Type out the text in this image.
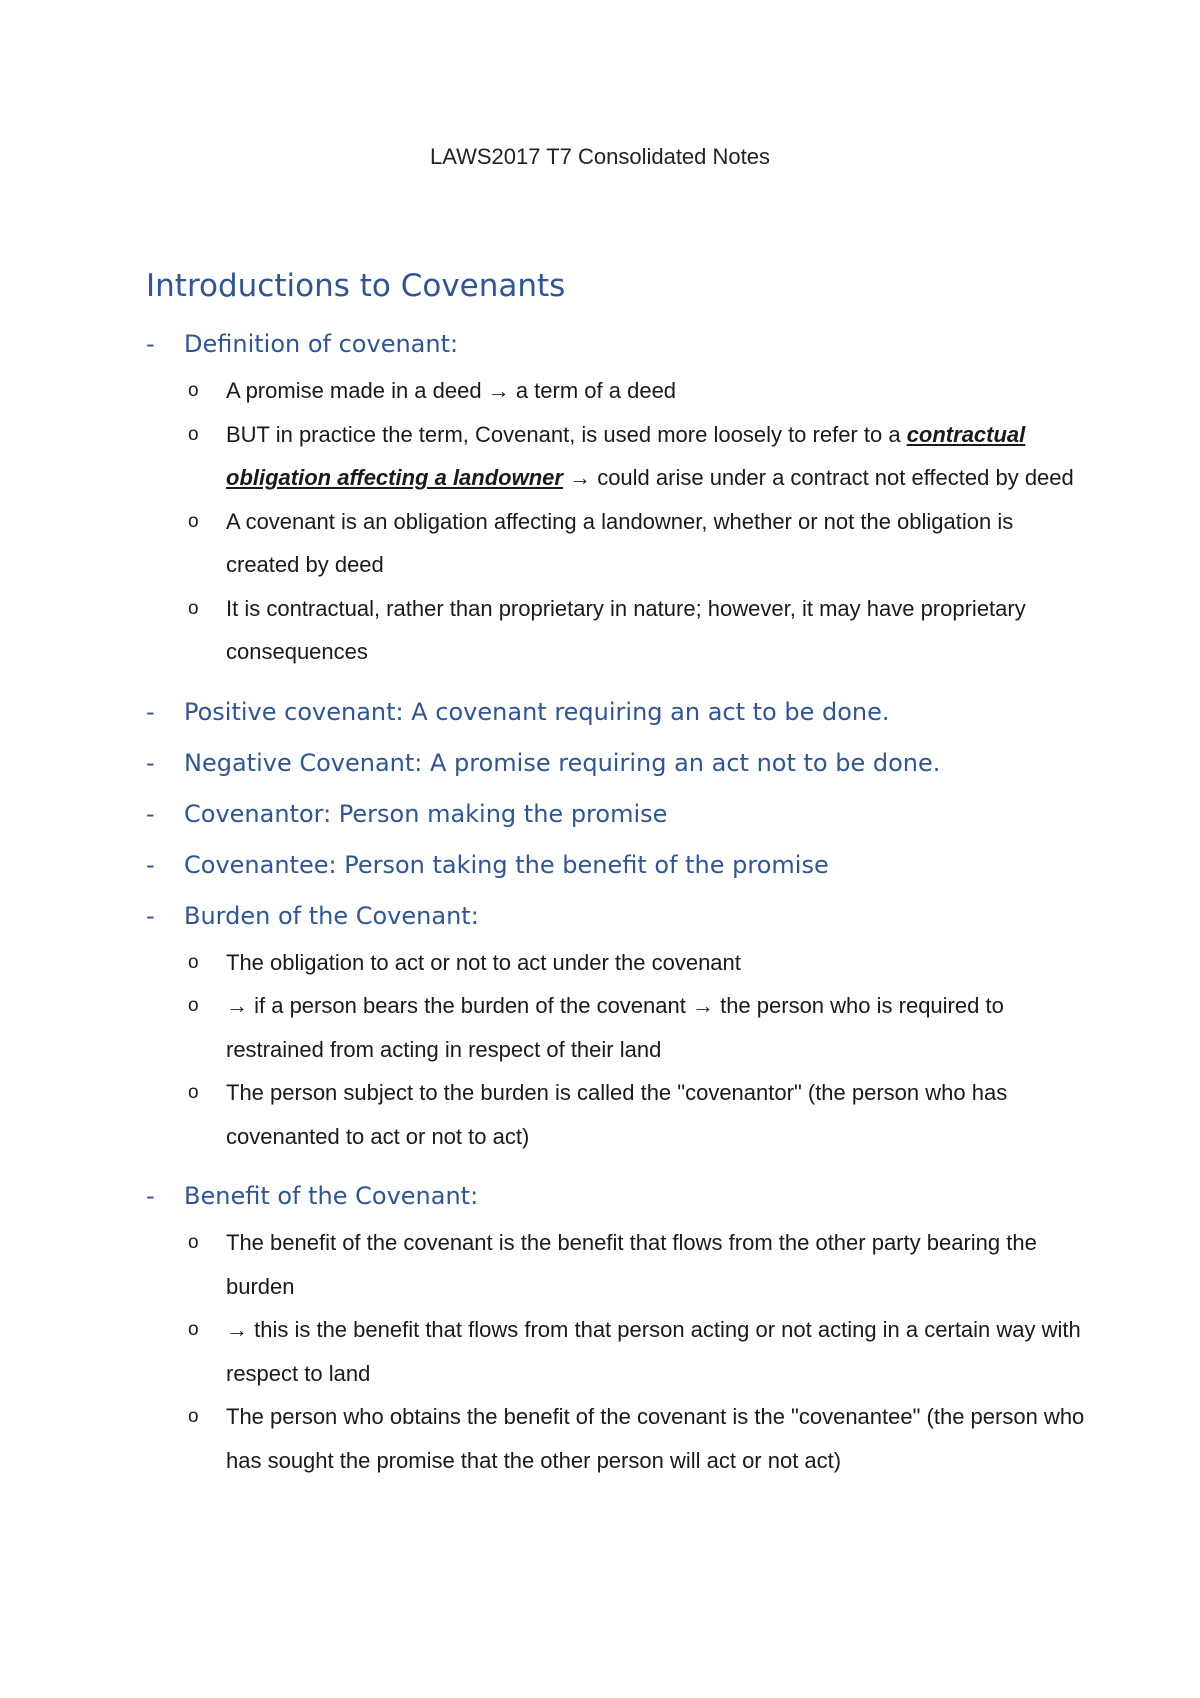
LAWS2017 T7 Consolidated Notes
Introductions to Covenants
-	Definition of covenant:
o A promise made in a deed → a term of a deed
o BUT in practice the term, Covenant, is used more loosely to refer to a contractual obligation affecting a landowner → could arise under a contract not effected by deed
o A covenant is an obligation affecting a landowner, whether or not the obligation is created by deed
o It is contractual, rather than proprietary in nature; however, it may have proprietary consequences
-	Positive covenant: A covenant requiring an act to be done.
-	Negative Covenant: A promise requiring an act not to be done.
-	Covenantor: Person making the promise
-	Covenantee: Person taking the benefit of the promise
-	Burden of the Covenant:
o The obligation to act or not to act under the covenant
o → if a person bears the burden of the covenant → the person who is required to restrained from acting in respect of their land
o The person subject to the burden is called the "covenantor" (the person who has covenanted to act or not to act)
-	Benefit of the Covenant:
o The benefit of the covenant is the benefit that flows from the other party bearing the burden
o → this is the benefit that flows from that person acting or not acting in a certain way with respect to land
o The person who obtains the benefit of the covenant is the "covenantee" (the person who has sought the promise that the other person will act or not act)
